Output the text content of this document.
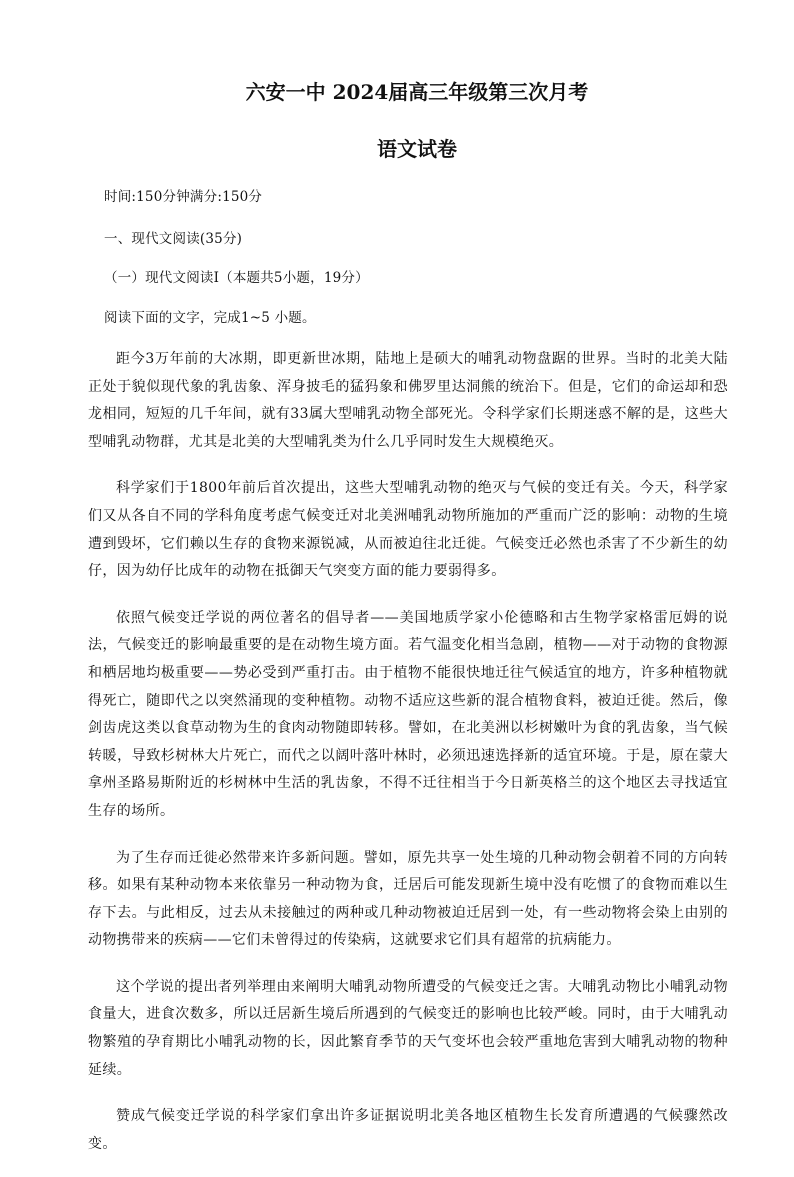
六安一中 2024届高三年级第三次月考
语文试卷

时间:150分钟满分:150分

一、现代文阅读(35分)

（一）现代文阅读Ⅰ（本题共5小题，19分）

阅读下面的文字，完成1~5 小题。

距今3万年前的大冰期，即更新世冰期，陆地上是硕大的哺乳动物盘踞的世界。当时的北美大陆正处于貌似现代象的乳齿象、浑身披毛的猛犸象和佛罗里达洞熊的统治下。但是，它们的命运却和恐龙相同，短短的几千年间，就有33属大型哺乳动物全部死光。令科学家们长期迷惑不解的是，这些大型哺乳动物群，尤其是北美的大型哺乳类为什么几乎同时发生大规模绝灭。

科学家们于1800年前后首次提出，这些大型哺乳动物的绝灭与气候的变迁有关。今天，科学家们又从各自不同的学科角度考虑气候变迁对北美洲哺乳动物所施加的严重而广泛的影响：动物的生境遭到毁坏，它们赖以生存的食物来源锐减，从而被迫往北迁徙。气候变迁必然也杀害了不少新生的幼仔，因为幼仔比成年的动物在抵御天气突变方面的能力要弱得多。

依照气候变迁学说的两位著名的倡导者——美国地质学家小伦德略和古生物学家格雷厄姆的说法，气候变迁的影响最重要的是在动物生境方面。若气温变化相当急剧，植物——对于动物的食物源和栖居地均极重要——势必受到严重打击。由于植物不能很快地迁往气候适宜的地方，许多种植物就得死亡，随即代之以突然涌现的变种植物。动物不适应这些新的混合植物食料，被迫迁徙。然后，像剑齿虎这类以食草动物为生的食肉动物随即转移。譬如，在北美洲以杉树嫩叶为食的乳齿象，当气候转暖，导致杉树林大片死亡，而代之以阔叶落叶林时，必须迅速选择新的适宜环境。于是，原在蒙大拿州圣路易斯附近的杉树林中生活的乳齿象，不得不迁往相当于今日新英格兰的这个地区去寻找适宜生存的场所。

为了生存而迁徙必然带来许多新问题。譬如，原先共享一处生境的几种动物会朝着不同的方向转移。如果有某种动物本来依靠另一种动物为食，迁居后可能发现新生境中没有吃惯了的食物而难以生存下去。与此相反，过去从未接触过的两种或几种动物被迫迁居到一处，有一些动物将会染上由别的动物携带来的疾病——它们未曾得过的传染病，这就要求它们具有超常的抗病能力。

这个学说的提出者列举理由来阐明大哺乳动物所遭受的气候变迁之害。大哺乳动物比小哺乳动物食量大，进食次数多，所以迁居新生境后所遇到的气候变迁的影响也比较严峻。同时，由于大哺乳动物繁殖的孕育期比小哺乳动物的长，因此繁育季节的天气变坏也会较严重地危害到大哺乳动物的物种延续。

赞成气候变迁学说的科学家们拿出许多证据说明北美各地区植物生长发育所遭遇的气候骤然改变。
